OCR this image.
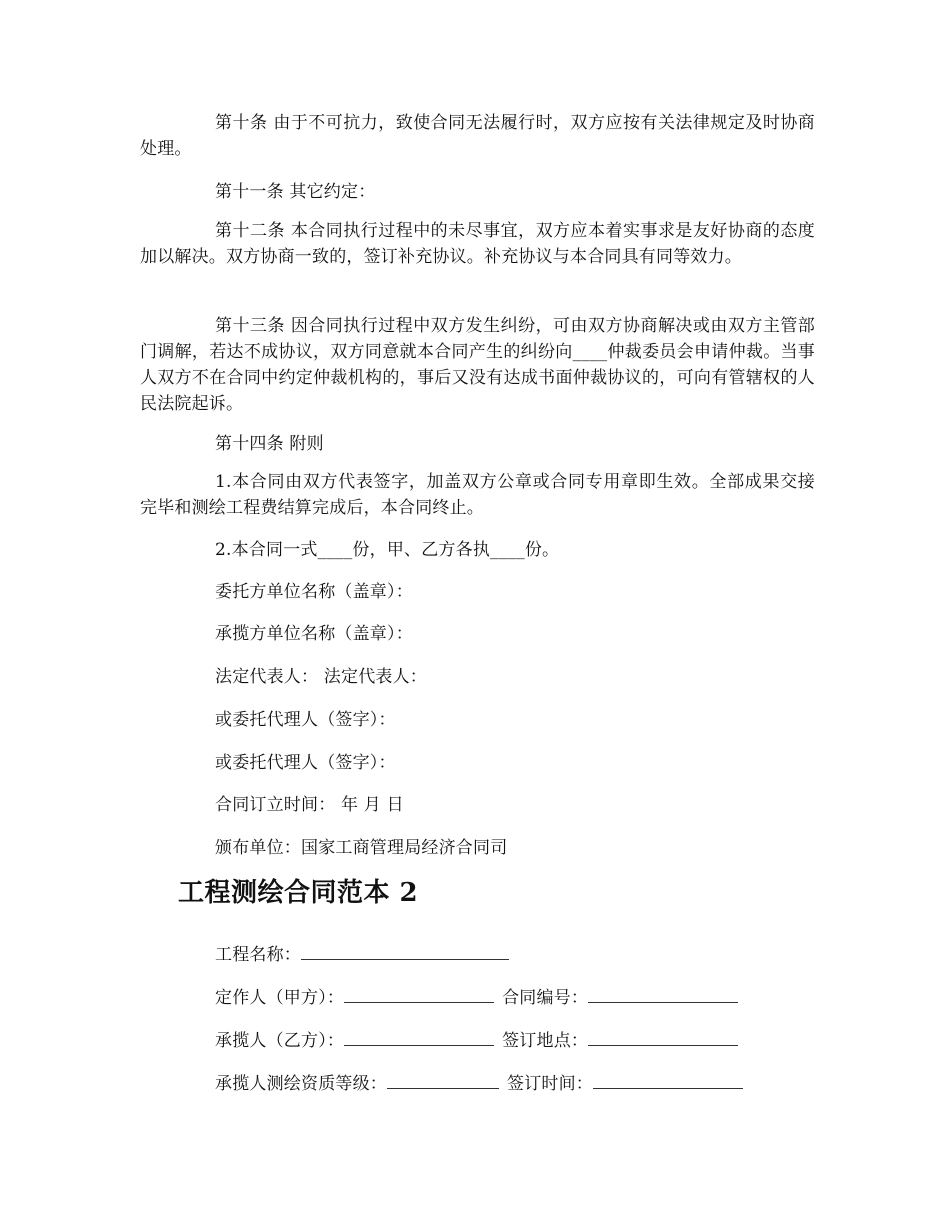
第十条 由于不可抗力，致使合同无法履行时，双方应按有关法律规定及时协商处理。

第十一条 其它约定：

第十二条 本合同执行过程中的未尽事宜，双方应本着实事求是友好协商的态度加以解决。双方协商一致的，签订补充协议。补充协议与本合同具有同等效力。

第十三条 因合同执行过程中双方发生纠纷，可由双方协商解决或由双方主管部门调解，若达不成协议，双方同意就本合同产生的纠纷向____仲裁委员会申请仲裁。当事人双方不在合同中约定仲裁机构的，事后又没有达成书面仲裁协议的，可向有管辖权的人民法院起诉。

第十四条 附则

1.本合同由双方代表签字，加盖双方公章或合同专用章即生效。全部成果交接完毕和测绘工程费结算完成后，本合同终止。

2.本合同一式____份，甲、乙方各执____份。

委托方单位名称（盖章）：

承揽方单位名称（盖章）：

法定代表人： 法定代表人：

或委托代理人（签字）：

或委托代理人（签字）：

合同订立时间： 年 月 日

颁布单位：国家工商管理局经济合同司

工程测绘合同范本 2

工程名称：

定作人（甲方）：	合同编号：

承揽人（乙方）：	签订地点：

承揽人测绘资质等级：	签订时间：
